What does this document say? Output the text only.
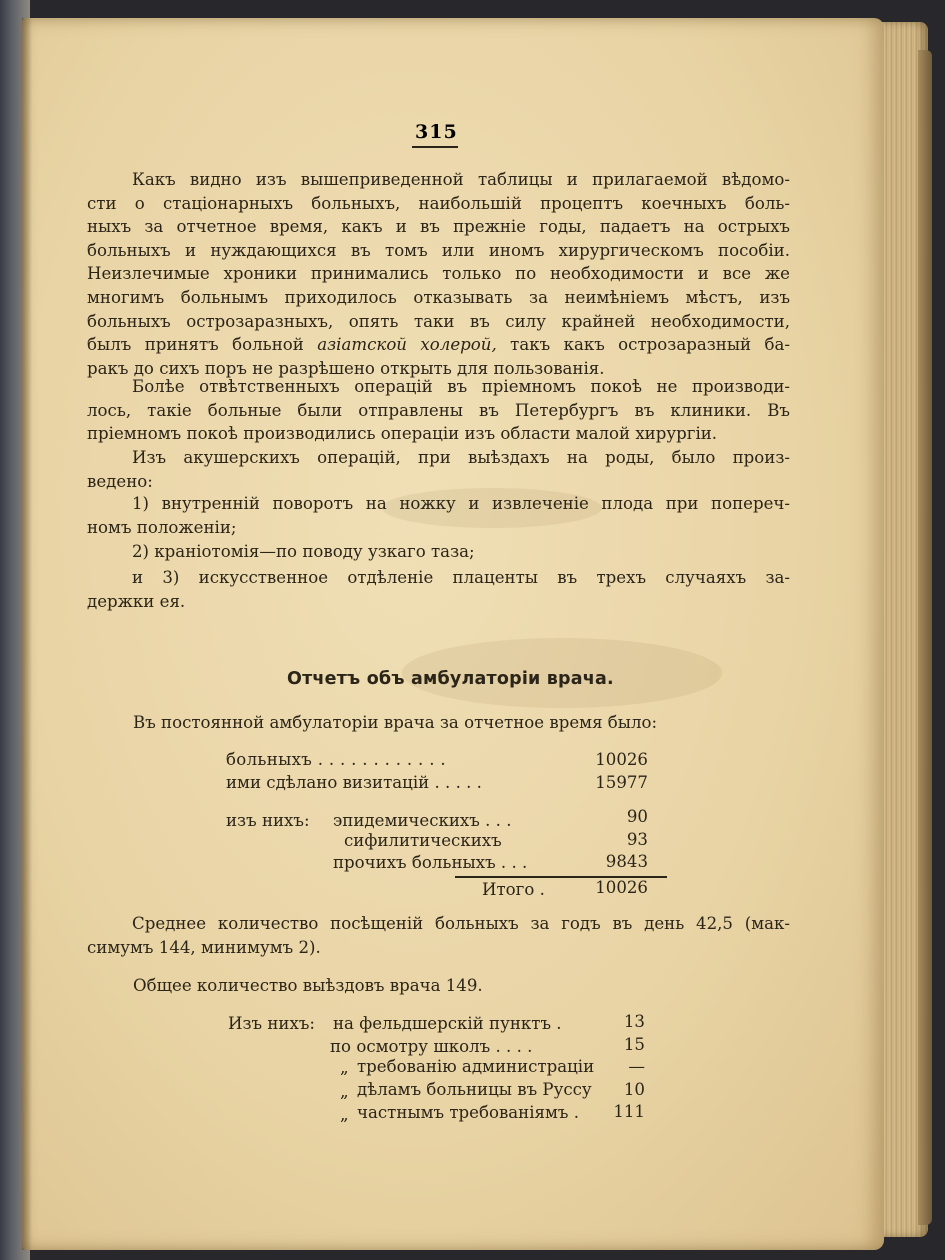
315
Какъ видно изъ вышеприведенной таблицы и прилагаемой вѣдомо-
сти о стаціонарныхъ больныхъ, наибольшій процептъ коечныхъ боль-
ныхъ за отчетное время, какъ и въ прежніе годы, падаетъ на острыхъ
больныхъ и нуждающихся въ томъ или иномъ хирургическомъ пособіи.
Неизлечимые хроники принимались только по необходимости и все же
многимъ больнымъ приходилось отказывать за неимѣніемъ мѣстъ, изъ
больныхъ острозаразныхъ, опять таки въ силу крайней необходимости,
былъ принятъ больной азіатской холерой, такъ какъ острозаразный ба-
ракъ до сихъ поръ не разрѣшено открыть для пользованія.
Болѣе отвѣтственныхъ операцій въ пріемномъ покоѣ не производи-
лось, такіе больные были отправлены въ Петербургъ въ клиники. Въ
пріемномъ покоѣ производились операціи изъ области малой хирургіи.
Изъ акушерскихъ операцій, при выѣздахъ на роды, было произ-
ведено:
1) внутренній поворотъ на ножку и извлеченіе плода при попереч-
номъ положеніи;
2) краніотомія—по поводу узкаго таза;
и 3) искусственное отдѣленіе плаценты въ трехъ случаяхъ за-
держки ея.
Отчетъ объ амбулаторіи врача.
Въ постоянной амбулаторіи врача за отчетное время было:
больныхъ . . . . . . . . . . . .	10026
ими сдѣлано визитацій . . . . .	15977
изъ нихъ: эпидемическихъ . . .	90
сифилитическихъ	93
прочихъ больныхъ . . .	9843
Итого .	10026
Среднее количество посѣщеній больныхъ за годъ въ день 42,5 (мак-
симумъ 144, минимумъ 2).
Общее количество выѣздовъ врача 149.
Изъ нихъ: на фельдшерскій пунктъ .	13
по осмотру школъ . . . .	15
„ требованію администраціи	—
„ дѣламъ больницы въ Руссу	10
„ частнымъ требованіямъ .	111
